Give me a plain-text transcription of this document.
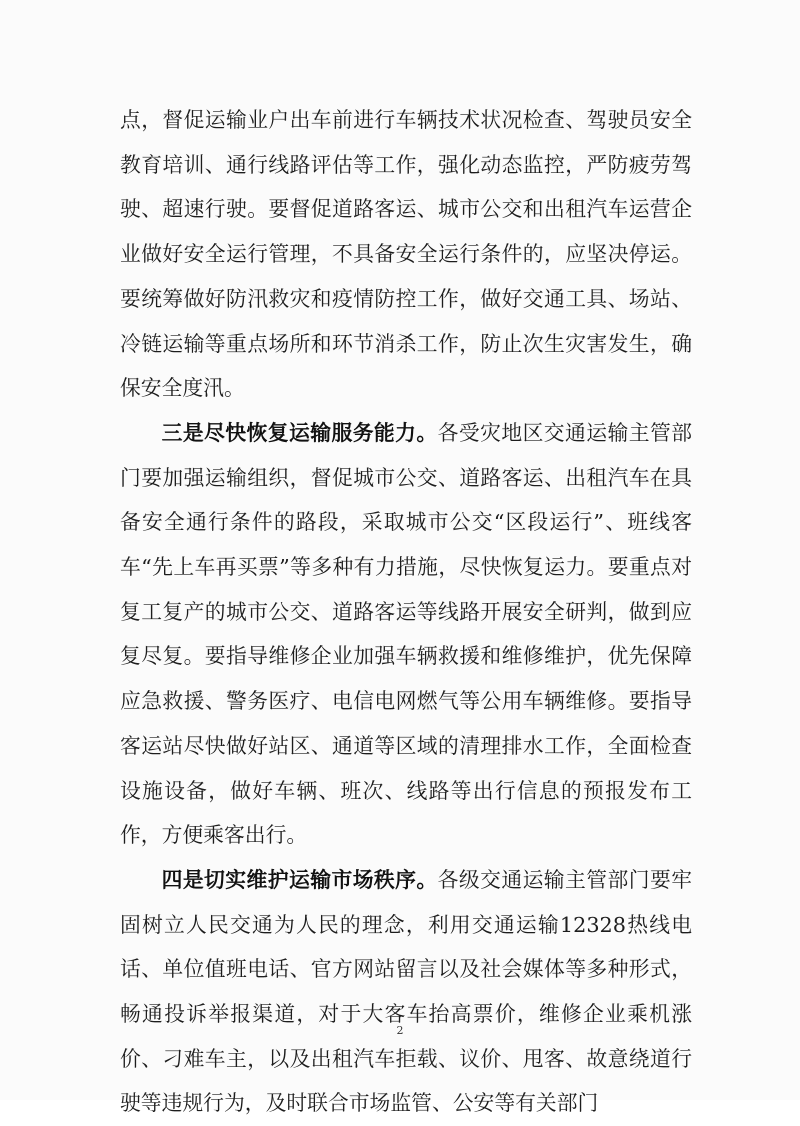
点，督促运输业户出车前进行车辆技术状况检查、驾驶员安全教育培训、通行线路评估等工作，强化动态监控，严防疲劳驾驶、超速行驶。要督促道路客运、城市公交和出租汽车运营企业做好安全运行管理，不具备安全运行条件的，应坚决停运。要统筹做好防汛救灾和疫情防控工作，做好交通工具、场站、冷链运输等重点场所和环节消杀工作，防止次生灾害发生，确保安全度汛。

三是尽快恢复运输服务能力。各受灾地区交通运输主管部门要加强运输组织，督促城市公交、道路客运、出租汽车在具备安全通行条件的路段，采取城市公交“区段运行”、班线客车“先上车再买票”等多种有力措施，尽快恢复运力。要重点对复工复产的城市公交、道路客运等线路开展安全研判，做到应复尽复。要指导维修企业加强车辆救援和维修维护，优先保障应急救援、警务医疗、电信电网燃气等公用车辆维修。要指导客运站尽快做好站区、通道等区域的清理排水工作，全面检查设施设备，做好车辆、班次、线路等出行信息的预报发布工作，方便乘客出行。

四是切实维护运输市场秩序。各级交通运输主管部门要牢固树立人民交通为人民的理念，利用交通运输12328热线电话、单位值班电话、官方网站留言以及社会媒体等多种形式，畅通投诉举报渠道，对于大客车抬高票价，维修企业乘机涨价、刁难车主，以及出租汽车拒载、议价、甩客、故意绕道行驶等违规行为，及时联合市场监管、公安等有关部门

2
